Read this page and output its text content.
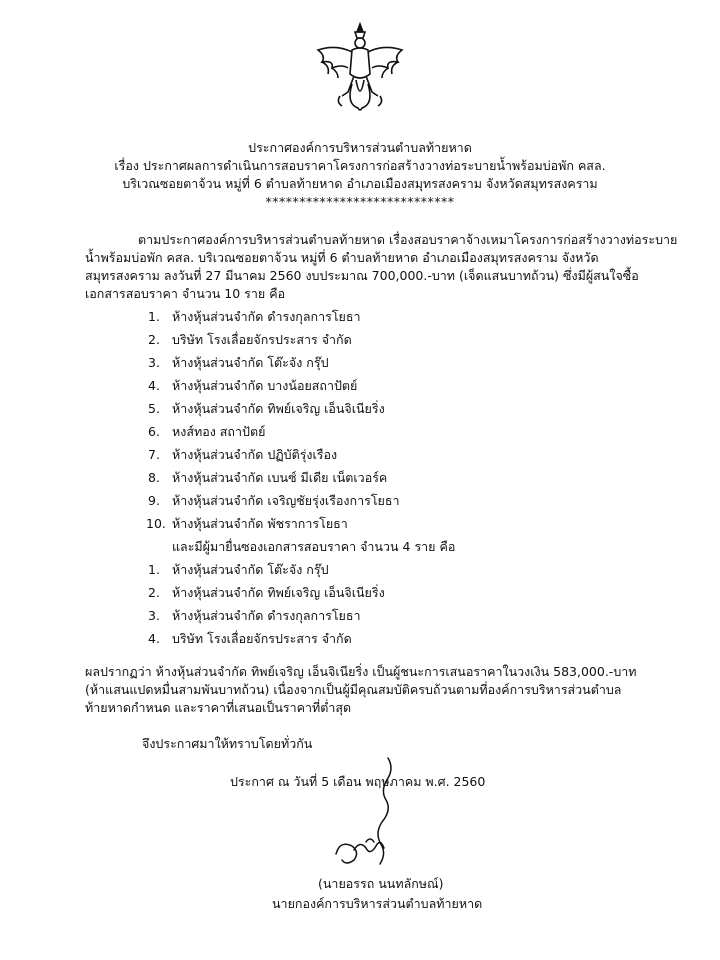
ประกาศองค์การบริหารส่วนตำบลท้ายหาด
เรื่อง ประกาศผลการดำเนินการสอบราคาโครงการก่อสร้างวางท่อระบายน้ำพร้อมบ่อพัก คสล.
บริเวณซอยตาจ้วน หมู่ที่ 6 ตำบลท้ายหาด อำเภอเมืองสมุทรสงคราม จังหวัดสมุทรสงคราม
****************************
ตามประกาศองค์การบริหารส่วนตำบลท้ายหาด เรื่องสอบราคาจ้างเหมาโครงการก่อสร้างวางท่อระบาย
น้ำพร้อมบ่อพัก คสล. บริเวณซอยตาจ้วน หมู่ที่ 6 ตำบลท้ายหาด อำเภอเมืองสมุทรสงคราม จังหวัด
สมุทรสงคราม ลงวันที่ 27 มีนาคม 2560 งบประมาณ 700,000.-บาท (เจ็ดแสนบาทถ้วน) ซึ่งมีผู้สนใจซื้อ
เอกสารสอบราคา จำนวน 10 ราย คือ
1. ห้างหุ้นส่วนจำกัด ดำรงกุลการโยธา
2. บริษัท โรงเลื่อยจักรประสาร จำกัด
3. ห้างหุ้นส่วนจำกัด โต๊ะจัง กรุ๊ป
4. ห้างหุ้นส่วนจำกัด บางน้อยสถาปัตย์
5. ห้างหุ้นส่วนจำกัด ทิพย์เจริญ เอ็นจิเนียริ่ง
6. หงส์ทอง สถาปัตย์
7. ห้างหุ้นส่วนจำกัด ปฏิบัติรุ่งเรือง
8. ห้างหุ้นส่วนจำกัด เบนซ์ มีเดีย เน็ตเวอร์ค
9. ห้างหุ้นส่วนจำกัด เจริญชัยรุ่งเรืองการโยธา
10. ห้างหุ้นส่วนจำกัด พัชราการโยธา
และมีผู้มายื่นซองเอกสารสอบราคา จำนวน 4 ราย คือ
1. ห้างหุ้นส่วนจำกัด โต๊ะจัง กรุ๊ป
2. ห้างหุ้นส่วนจำกัด ทิพย์เจริญ เอ็นจิเนียริ่ง
3. ห้างหุ้นส่วนจำกัด ดำรงกุลการโยธา
4. บริษัท โรงเลื่อยจักรประสาร จำกัด
ผลปรากฏว่า ห้างหุ้นส่วนจำกัด ทิพย์เจริญ เอ็นจิเนียริ่ง เป็นผู้ชนะการเสนอราคาในวงเงิน 583,000.-บาท
(ห้าแสนแปดหมื่นสามพันบาทถ้วน) เนื่องจากเป็นผู้มีคุณสมบัติครบถ้วนตามที่องค์การบริหารส่วนตำบล
ท้ายหาดกำหนด และราคาที่เสนอเป็นราคาที่ต่ำสุด
จึงประกาศมาให้ทราบโดยทั่วกัน
ประกาศ ณ วันที่ 5 เดือน พฤษภาคม พ.ศ. 2560
(นายอรรถ นนทลักษณ์)
นายกองค์การบริหารส่วนตำบลท้ายหาด
